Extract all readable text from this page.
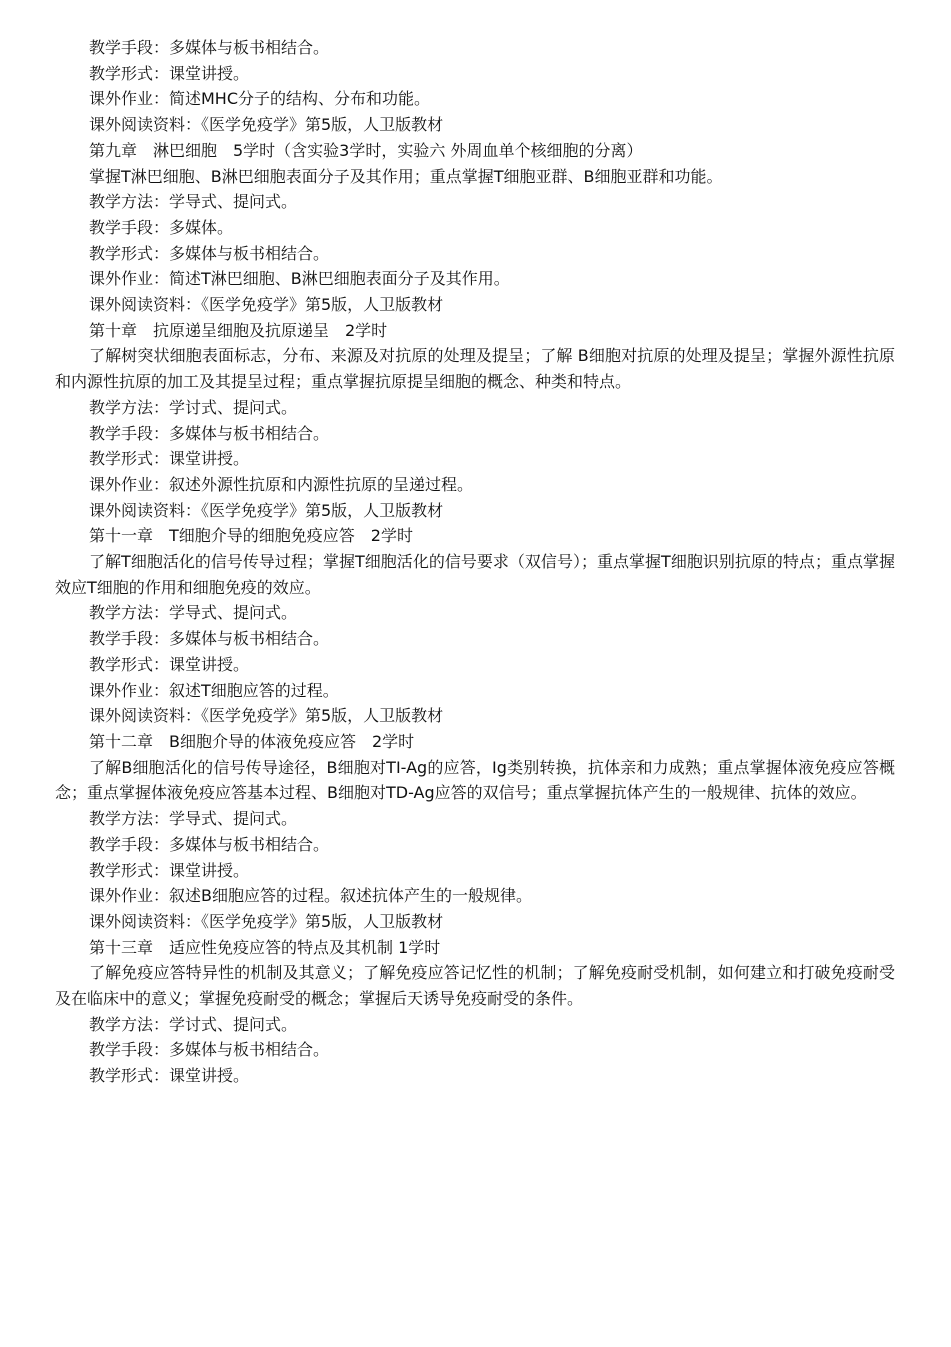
教学手段：多媒体与板书相结合。

教学形式：课堂讲授。

课外作业：简述MHC分子的结构、分布和功能。

课外阅读资料：《医学免疫学》第5版，人卫版教材

第九章　淋巴细胞　5学时（含实验3学时，实验六 外周血单个核细胞的分离）

掌握T淋巴细胞、B淋巴细胞表面分子及其作用；重点掌握T细胞亚群、B细胞亚群和功能。

教学方法：学导式、提问式。

教学手段：多媒体。

教学形式：多媒体与板书相结合。

课外作业：简述T淋巴细胞、B淋巴细胞表面分子及其作用。

课外阅读资料：《医学免疫学》第5版，人卫版教材

第十章　抗原递呈细胞及抗原递呈　2学时

了解树突状细胞表面标志，分布、来源及对抗原的处理及提呈；了解 B细胞对抗原的处理及提呈；掌握外源性抗原和内源性抗原的加工及其提呈过程；重点掌握抗原提呈细胞的概念、种类和特点。

教学方法：学讨式、提问式。

教学手段：多媒体与板书相结合。

教学形式：课堂讲授。

课外作业：叙述外源性抗原和内源性抗原的呈递过程。

课外阅读资料：《医学免疫学》第5版，人卫版教材

第十一章　T细胞介导的细胞免疫应答　2学时

了解T细胞活化的信号传导过程；掌握T细胞活化的信号要求（双信号）；重点掌握T细胞识别抗原的特点；重点掌握效应T细胞的作用和细胞免疫的效应。

教学方法：学导式、提问式。

教学手段：多媒体与板书相结合。

教学形式：课堂讲授。

课外作业：叙述T细胞应答的过程。

课外阅读资料：《医学免疫学》第5版，人卫版教材

第十二章　B细胞介导的体液免疫应答　2学时

了解B细胞活化的信号传导途径，B细胞对TI-Ag的应答，Ig类别转换，抗体亲和力成熟；重点掌握体液免疫应答概念；重点掌握体液免疫应答基本过程、B细胞对TD-Ag应答的双信号；重点掌握抗体产生的一般规律、抗体的效应。

教学方法：学导式、提问式。

教学手段：多媒体与板书相结合。

教学形式：课堂讲授。

课外作业：叙述B细胞应答的过程。叙述抗体产生的一般规律。

课外阅读资料：《医学免疫学》第5版，人卫版教材

第十三章　适应性免疫应答的特点及其机制 1学时

了解免疫应答特异性的机制及其意义；了解免疫应答记忆性的机制；了解免疫耐受机制，如何建立和打破免疫耐受及在临床中的意义；掌握免疫耐受的概念；掌握后天诱导免疫耐受的条件。

教学方法：学讨式、提问式。

教学手段：多媒体与板书相结合。

教学形式：课堂讲授。
